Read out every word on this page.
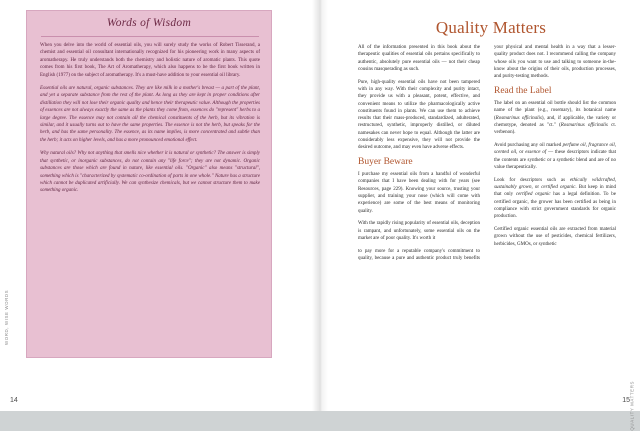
Words of Wisdom

When you delve into the world of essential oils, you will surely study the works of Robert Tisserand, a chemist and essential oil consultant internationally recognized for his pioneering work in many aspects of aromatherapy. He truly understands both the chemistry and holistic nature of aromatic plants. This quote comes from his first book, The Art of Aromatherapy, which also happens to be the first book written in English (1977) on the subject of aromatherapy. It's a must-have addition to your essential oil library.

Essential oils are natural, organic substances. They are like milk in a mother's breast — a part of the plant, and yet a separate substance from the rest of the plant. As long as they are kept in proper conditions after distillation they will not lose their organic quality and hence their therapeutic value. Although the properties of essences are not always exactly the same as the plants they come from, essences do "represent" herbs to a large degree. The essence may not contain all the chemical constituents of the herb, but its vibration is similar, and it usually turns out to have the same properties. The essence is not the herb, but speaks for the herb, and has the same personality. The essence, as its name implies, is more concentrated and subtle than the herb; it acts on higher levels, and has a more pronounced emotional effect.

Why natural oils? Why not anything that smells nice whether it is natural or synthetic? The answer is simply that synthetic, or inorganic substances, do not contain any "life force"; they are not dynamic. Organic substances are those which are found in nature, like essential oils. "Organic" also means "structural", something which is "characterized by systematic co-ordination of parts in one whole." Nature has a structure which cannot be duplicated artificially. We can synthesize chemicals, but we cannot structure them to make something organic.

WORD, WISE WORDS
14
Quality Matters

All of the information presented in this book about the therapeutic qualities of essential oils pertains specifically to authentic, absolutely pure essential oils — not their cheap cousins masquerading as such.

Pure, high-quality essential oils have not been tampered with in any way. With their complexity and purity intact, they provide us with a pleasant, potent, effective, and convenient means to utilize the pharmacologically active constituents found in plants. We can use them to achieve results that their mass-produced, standardized, adulterated, restructured, synthetic, improperly distilled, or diluted namesakes can never hope to equal. Although the latter are considerably less expensive, they will not provide the desired outcome, and may even have adverse effects.

Buyer Beware

I purchase my essential oils from a handful of wonderful companies that I have been dealing with for years (see Resources, page 229). Knowing your source, trusting your supplier, and training your nose (which will come with experience) are some of the best means of monitoring quality.

With the rapidly rising popularity of essential oils, deception is rampant, and unfortunately, some essential oils on the market are of poor quality. It's worth it

to pay more for a reputable company's commitment to quality, because a pure and authentic product truly benefits your physical and mental health in a way that a lesser-quality product does not. I recommend calling the company whose oils you want to use and talking to someone in-the-know about the origins of their oils, production processes, and purity-testing methods.

Read the Label

The label on an essential oil bottle should list the common name of the plant (e.g., rosemary), its botanical name (Rosmarinus officinalis), and, if applicable, the variety or chemotype, denoted as "ct." (Rosmarinus officinalis ct. verbenon).

Avoid purchasing any oil marked perfume oil, fragrance oil, scented oil, or essence of — these descriptors indicate that the contents are synthetic or a synthetic blend and are of no value therapeutically.

Look for descriptors such as ethically wildcrafted, sustainably grown, or certified organic. But keep in mind that only certified organic has a legal definition. To be certified organic, the grower has been certified as being in compliance with strict government standards for organic production.

Certified organic essential oils are extracted from material grown without the use of pesticides, chemical fertilizers, herbicides, GMOs, or synthetic

QUALITY MATTERS
15
